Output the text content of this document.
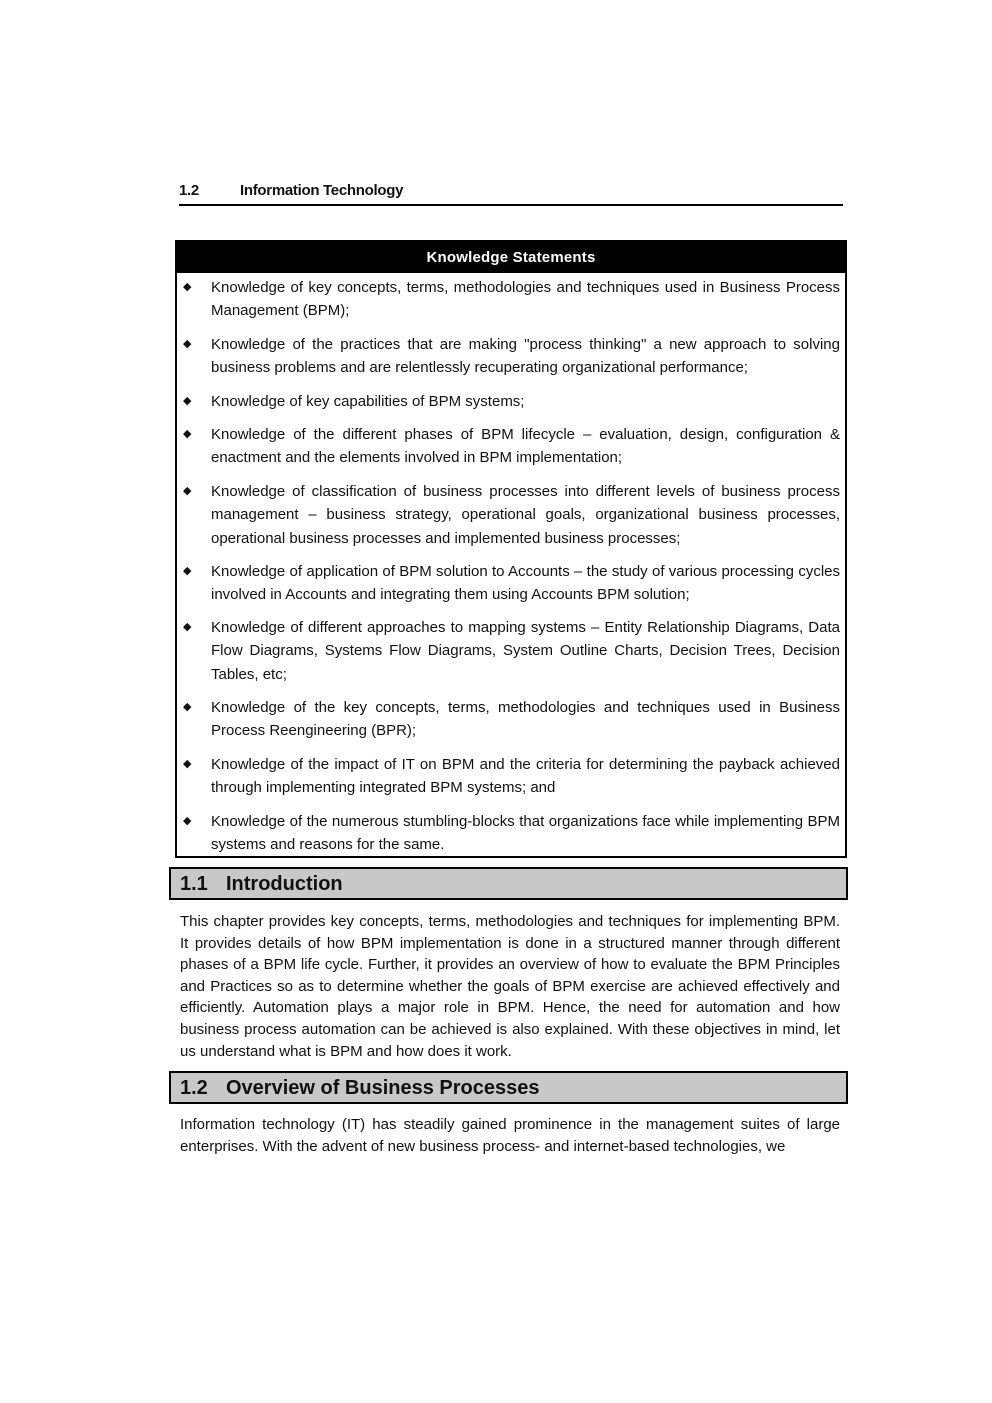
1.2	Information Technology
Knowledge Statements
◆ Knowledge of key concepts, terms, methodologies and techniques used in Business Process Management (BPM);
◆ Knowledge of the practices that are making "process thinking" a new approach to solving business problems and are relentlessly recuperating organizational performance;
◆ Knowledge of key capabilities of BPM systems;
◆ Knowledge of the different phases of BPM lifecycle – evaluation, design, configuration & enactment and the elements involved in BPM implementation;
◆ Knowledge of classification of business processes into different levels of business process management – business strategy, operational goals, organizational business processes, operational business processes and implemented business processes;
◆ Knowledge of application of BPM solution to Accounts – the study of various processing cycles involved in Accounts and integrating them using Accounts BPM solution;
◆ Knowledge of different approaches to mapping systems – Entity Relationship Diagrams, Data Flow Diagrams, Systems Flow Diagrams, System Outline Charts, Decision Trees, Decision Tables, etc;
◆ Knowledge of the key concepts, terms, methodologies and techniques used in Business Process Reengineering (BPR);
◆ Knowledge of the impact of IT on BPM and the criteria for determining the payback achieved through implementing integrated BPM systems; and
◆ Knowledge of the numerous stumbling-blocks that organizations face while implementing BPM systems and reasons for the same.
1.1 Introduction

This chapter provides key concepts, terms, methodologies and techniques for implementing BPM. It provides details of how BPM implementation is done in a structured manner through different phases of a BPM life cycle. Further, it provides an overview of how to evaluate the BPM Principles and Practices so as to determine whether the goals of BPM exercise are achieved effectively and efficiently. Automation plays a major role in BPM. Hence, the need for automation and how business process automation can be achieved is also explained. With these objectives in mind, let us understand what is BPM and how does it work.

1.2 Overview of Business Processes

Information technology (IT) has steadily gained prominence in the management suites of large enterprises. With the advent of new business process- and internet-based technologies, we
